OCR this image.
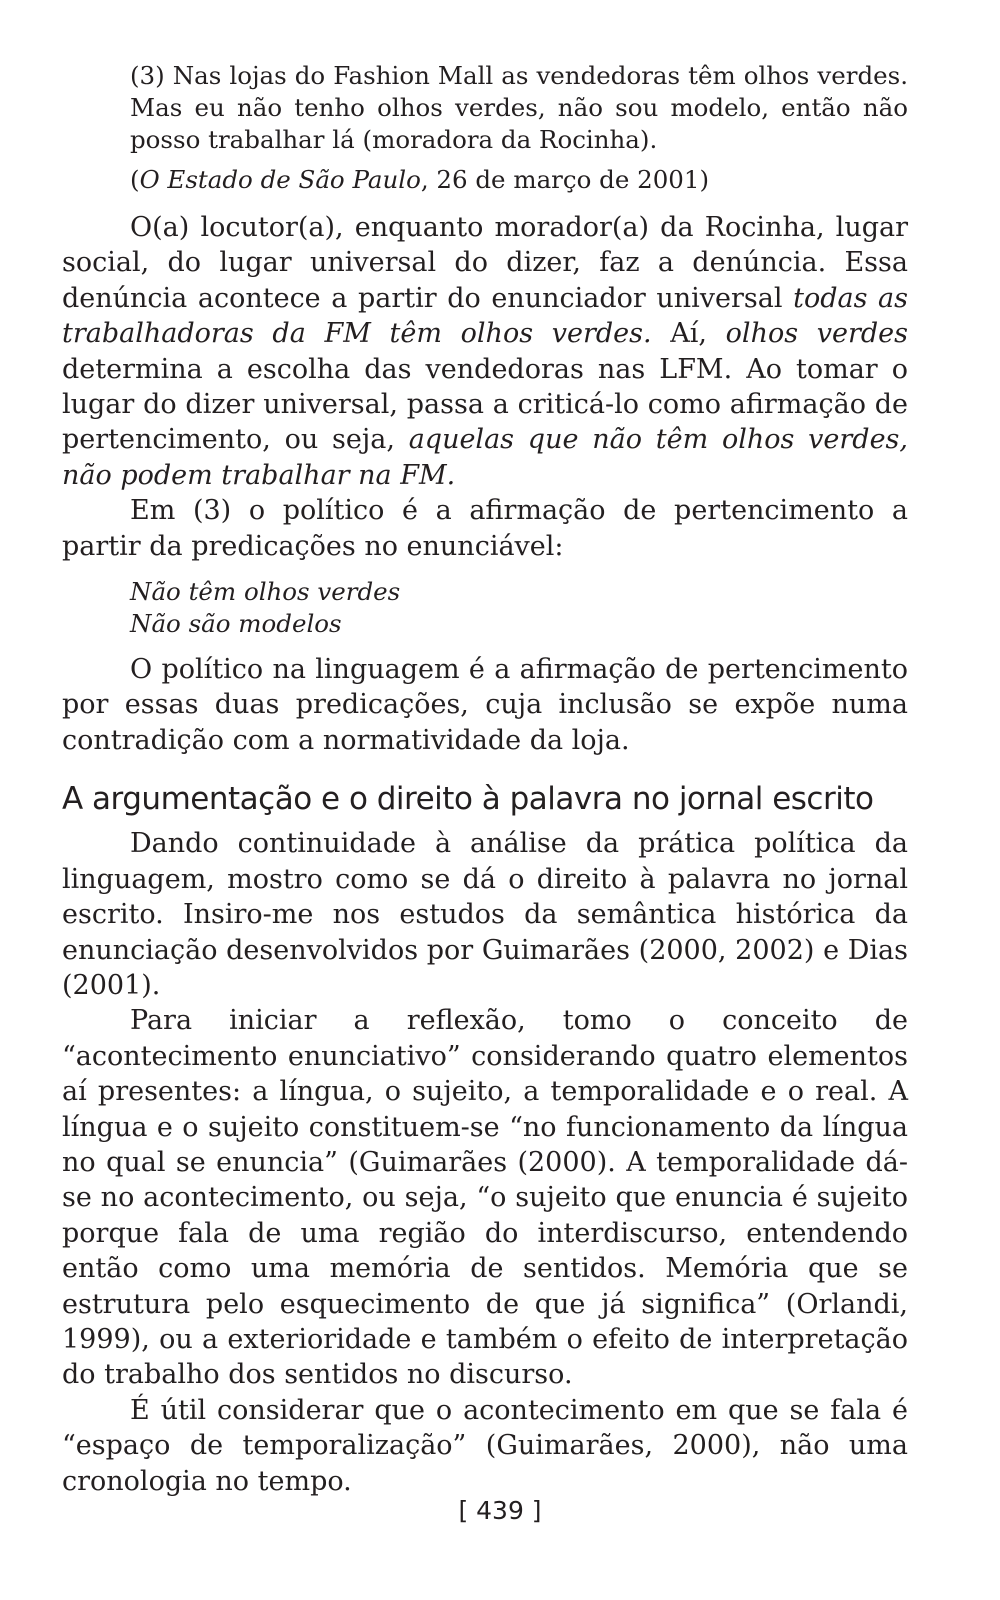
(3) Nas lojas do Fashion Mall as vendedoras têm olhos verdes. Mas eu não tenho olhos verdes, não sou modelo, então não posso trabalhar lá (moradora da Rocinha).

(O Estado de São Paulo, 26 de março de 2001)

O(a) locutor(a), enquanto morador(a) da Rocinha, lugar social, do lugar universal do dizer, faz a denúncia. Essa denúncia acontece a partir do enunciador universal todas as trabalhadoras da FM têm olhos verdes. Aí, olhos verdes determina a escolha das vendedoras nas LFM. Ao tomar o lugar do dizer universal, passa a criticá-lo como afirmação de pertencimento, ou seja, aquelas que não têm olhos verdes, não podem trabalhar na FM.

Em (3) o político é a afirmação de pertencimento a partir da predicações no enunciável:

Não têm olhos verdes
Não são modelos

O político na linguagem é a afirmação de pertencimento por essas duas predicações, cuja inclusão se expõe numa contradição com a normatividade da loja.

A argumentação e o direito à palavra no jornal escrito

Dando continuidade à análise da prática política da linguagem, mostro como se dá o direito à palavra no jornal escrito. Insiro-me nos estudos da semântica histórica da enunciação desenvolvidos por Guimarães (2000, 2002) e Dias (2001).

Para iniciar a reflexão, tomo o conceito de “acontecimento enunciativo” considerando quatro elementos aí presentes: a língua, o sujeito, a temporalidade e o real. A língua e o sujeito constituem-se “no funcionamento da língua no qual se enuncia” (Guimarães (2000). A temporalidade dá-se no acontecimento, ou seja, “o sujeito que enuncia é sujeito porque fala de uma região do interdiscurso, entendendo então como uma memória de sentidos. Memória que se estrutura pelo esquecimento de que já significa” (Orlandi, 1999), ou a exterioridade e também o efeito de interpretação do trabalho dos sentidos no discurso.

É útil considerar que o acontecimento em que se fala é “espaço de temporalização” (Guimarães, 2000), não uma cronologia no tempo.

[ 439 ]
